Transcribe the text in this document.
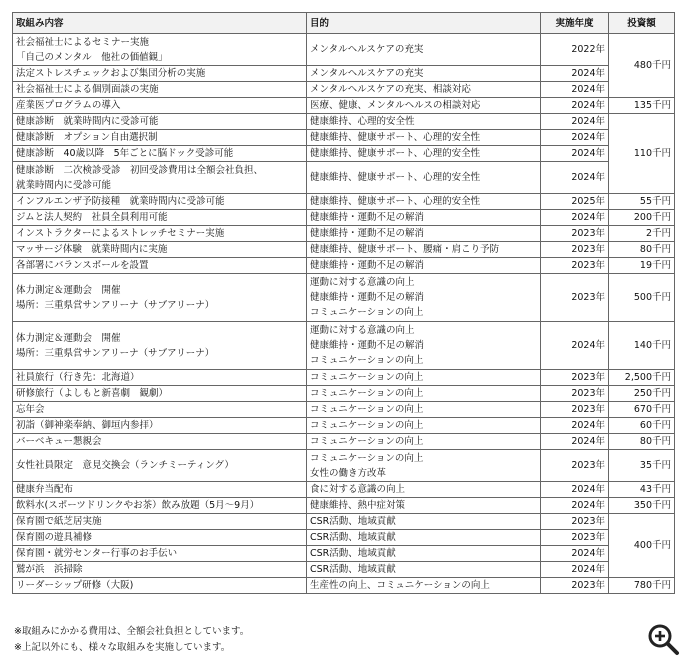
取組み内容	目的	実施年度	投資額

社会福祉士によるセミナー実施
「自己のメンタル　他社の価値観」	メンタルヘルスケアの充実	2022年	480千円

法定ストレスチェックおよび集団分析の実施	メンタルヘルスケアの充実	2024年	

社会福祉士による個別面談の実施	メンタルヘルスケアの充実、相談対応	2024年	

産業医プログラムの導入	医療、健康、メンタルヘルスの相談対応	2024年	135千円

健康診断　就業時間内に受診可能	健康維持、心理的安全性	2024年	110千円

健康診断　オプション自由選択制	健康維持、健康サポート、心理的安全性	2024年	

健康診断　40歳以降　5年ごとに脳ドック受診可能	健康維持、健康サポート、心理的安全性	2024年	

健康診断　二次検診受診　初回受診費用は全額会社負担、
就業時間内に受診可能	健康維持、健康サポート、心理的安全性	2024年	

インフルエンザ予防接種　就業時間内に受診可能	健康維持、健康サポート、心理的安全性	2025年	55千円

ジムと法人契約　社員全員利用可能	健康維持・運動不足の解消	2024年	200千円

インストラクターによるストレッチセミナー実施	健康維持・運動不足の解消	2023年	2千円

マッサージ体験　就業時間内に実施	健康維持、健康サポート、腰痛・肩こり予防	2023年	80千円

各部署にバランスボールを設置	健康維持・運動不足の解消	2023年	19千円

体力測定＆運動会　開催
場所：三重県営サンアリーナ（サブアリーナ）	運動に対する意識の向上
健康維持・運動不足の解消
コミュニケーションの向上	2023年	500千円

体力測定＆運動会　開催
場所：三重県営サンアリーナ（サブアリーナ）	運動に対する意識の向上
健康維持・運動不足の解消
コミュニケーションの向上	2024年	140千円

社員旅行（行き先：北海道）	コミュニケーションの向上	2023年	2,500千円

研修旅行（よしもと新喜劇　観劇）	コミュニケーションの向上	2023年	250千円

忘年会	コミュニケーションの向上	2023年	670千円

初詣（御神楽奉納、御垣内参拝）	コミュニケーションの向上	2024年	60千円

バーベキュー懇親会	コミュニケーションの向上	2024年	80千円

女性社員限定　意見交換会（ランチミーティング）	コミュニケーションの向上
女性の働き方改革	2023年	35千円

健康弁当配布	食に対する意識の向上	2024年	43千円

飲料水(スポーツドリンクやお茶）飲み放題（5月～9月）	健康維持、熱中症対策	2024年	350千円

保育園で紙芝居実施	CSR活動、地域貢献	2023年	400千円

保育園の遊具補修	CSR活動、地域貢献	2023年	

保育園・就労センター行事のお手伝い	CSR活動、地域貢献	2024年	

鷲が浜　浜掃除	CSR活動、地域貢献	2024年	

リーダーシップ研修（大阪)	生産性の向上、コミュニケーションの向上	2023年	780千円
※取組みにかかる費用は、全額会社負担としています。
※上記以外にも、様々な取組みを実施しています。
